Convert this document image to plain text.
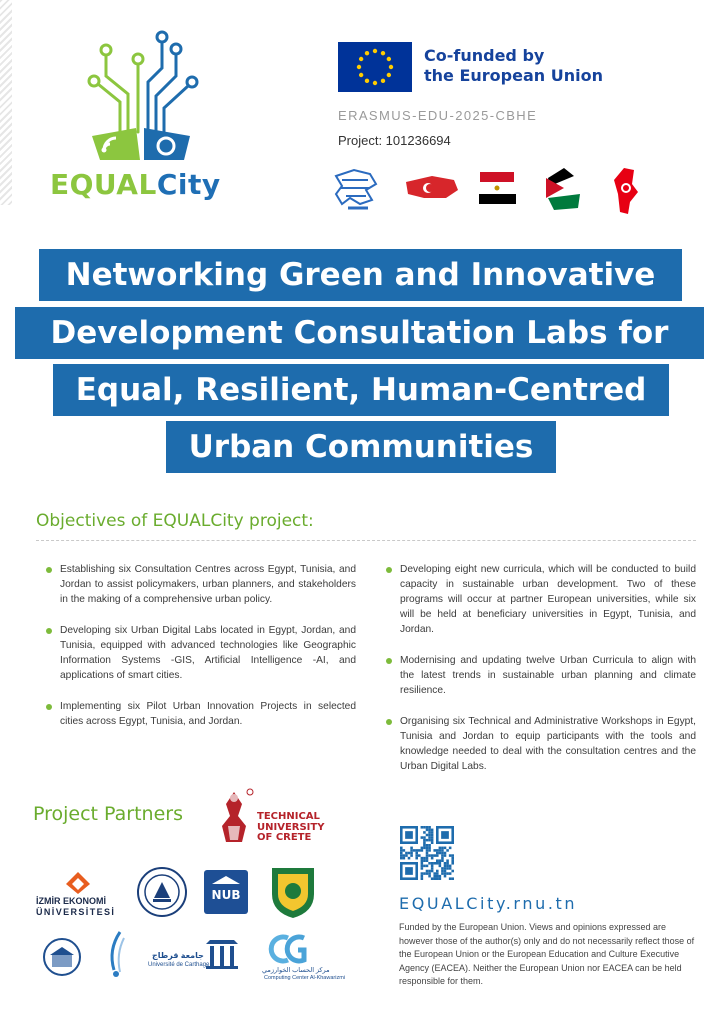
EQUALCity
Co-funded by
the European Union
ERASMUS-EDU-2025-CBHE
Project: 101236694
Networking Green and Innovative
Development Consultation Labs for
Equal, Resilient, Human-Centred
Urban Communities
Objectives of EQUALCity project:
Establishing six Consultation Centres across Egypt, Tunisia, and Jordan to assist policymakers, urban planners, and stakeholders in the making of a comprehensive urban policy.
Developing six Urban Digital Labs located in Egypt, Jordan, and Tunisia, equipped with advanced technologies like Geographic Information Systems -GIS, Artificial Intelligence -AI, and applications of smart cities.
Implementing six Pilot Urban Innovation Projects in selected cities across Egypt, Tunisia, and Jordan.
Developing eight new curricula, which will be conducted to build capacity in sustainable urban development. Two of these programs will occur at partner European universities, while six will be held at beneficiary universities in Egypt, Tunisia, and Jordan.
Modernising and updating twelve Urban Curricula to align with the latest trends in sustainable urban planning and climate resilience.
Organising six Technical and Administrative Workshops in Egypt, Tunisia and Jordan to equip participants with the tools and knowledge needed to deal with the consultation centres and the Urban Digital Labs.
Project Partners	TECHNICAL
UNIVERSITY
OF CRETE
İZMİR EKONOMİ
ÜNİVERSİTESİ
NUB
جامعة قرطاج
Université de Carthage
مركز الحساب الخوارزمي
Computing Center Al-Khawarizmi
EQUALCity.rnu.tn
Funded by the European Union. Views and opinions expressed are however those of the author(s) only and do not necessarily reflect those of the European Union or the European Education and Culture Executive Agency (EACEA). Neither the European Union nor EACEA can be held responsible for them.
